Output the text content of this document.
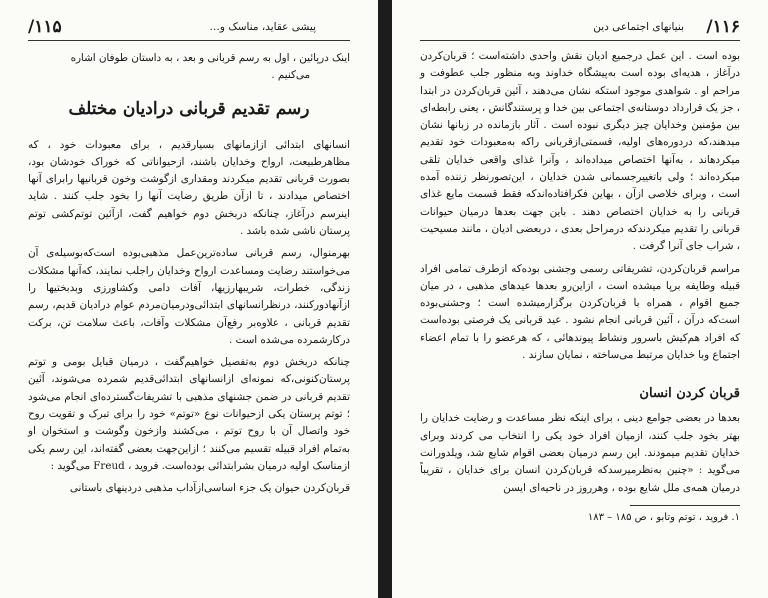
۱۱۵/	پیشی عقاید، مناسک و…

اینک درپائین ، اول به رسم قربانی و بعد ، به داستان طوفان اشاره

می‌کنیم .

رسم تقدیم قربانی درادیان مختلف

انسانهای ابتدائی ازازمانهای بسیارقدیم ، برای معبودات خود ، که مظاهرطبیعت، ارواح وخدایان باشند، ازحیواناتی که خوراک خودشان بود، بصورت قربانی تقدیم میکردند ومقداری ازگوشت وخون قربانیها رابرای آنها اختصاص میدادند ، تا ازآن طریق رضایت آنها را بخود جلب کنند . شاید اینرسم درآغاز، چنانکه دربخش دوم خواهیم گفت، ازآئین توتم‌کشی توتم پرستان ناشی شده باشد .

بهرمنوال، رسم قربانی ساده‌ترین‌عمل مذهبی‌بوده است‌که‌بوسیله‌ی آن می‌خواستند رضایت ومساعدت ارواح وخدایان راجلب نمایند، که‌آنها مشکلات زندگی، خطرات، شریبهارزیها، آفات دامی وکشاورزی وبدبختیها را ازآنهادورکنند، درنظرانسانهای ابتدائی‌ودرمیان‌مردم عوام درادیان قدیم، رسم تقدیم قربانی ، علاوه‌بر رفع‌آن مشکلات وآفات، باعث سلامت تن، برکت درکارشمرده می‌شده است .

چنانکه دربخش دوم به‌تفصیل خواهیم‌گفت ، درمیان قبایل بومی و توتم پرستان‌کنونی،که نمونه‌ای ازانسانهای ابتدائی‌قدیم شمرده می‌شوند، آئین تقدیم قربانی در ضمن جشنهای مذهبی با تشریفات‌گسترده‌ای انجام می‌شود ؛ توتم پرستان یکی ازحیوانات نوع «توتم» خود را برای تبرک و تقویت روح خود واتصال آن با روح توتم ، می‌کشند وازخون وگوشت و استخوان او به‌تمام افراد قبیله تقسیم می‌کنند ؛ ازاین‌جهت بعضی گفته‌اند، این رسم یکی ازمناسک اولیه درمیان بشرابتدائی بوده‌است. فروید ، Freud می‌گوید :

قربان‌کردن حیوان یک جزء اساسی‌ازآداب مذهبی دردینهای باستانی

۱۱۶/
بنیانهای اجتماعی دین

بوده است . این عمل درجمیع ادیان نقش واحدی داشته‌است ؛ قربان‌کردن درآغاز ، هدیه‌ای بوده است به‌پیشگاه خداوند وبه منظور جلب عطوفت و مراحم او . شواهدی موجود استکه نشان می‌دهند ، آئین قربان‌کردن در ابتدا ، جز یک قرارداد دوستانه‌ی اجتماعی بین خدا و پرستندگانش ، یعنی رابطه‌ای بین مؤمنین وخدایان چیز دیگری نبوده است . آثار بازمانده در زبانها نشان میدهند،که دردوره‌های اولیه، قسمتی‌ازقربانی راکه به‌معبودات خود تقدیم میکردهاند ، به‌آنها اختصاص میداده‌اند ، وآنرا غذای واقعی خدایان تلقی میکرده‌اند ؛ ولی باتغییرجسمانی شدن خدایان ، این‌تصورنظر زننده آمده است ، وبرای خلاصی ازآن ، بهاین فکرافتاده‌اندکه فقط قسمت مایع غذای قربانی را به خدایان اختصاص دهند . باین جهت بعدها درمیان حیوانات قربانی را تقدیم میکردندکه درمراحل بعدی ، دربعضی ادیان ، مانند مسیحیت ، شراب جای آنرا گرفت .

مراسم قربان‌کردن، تشریفاتی رسمی وجشنی بوده‌که ازطرف تمامی افراد قبیله وطایفه برپا میشده است ، ازاین‌رو بعدها عیدهای مذهبی ، در میان جمیع اقوام ، همراه با قربان‌کردن برگزارمیشده است ؛ وجشنی‌بوده است‌که درآن ، آئین قربانی انجام نشود . عید قربانی یک فرصتی بوده‌است که افراد هم‌کیش باسرور ونشاط پیوندهائی ، که هرعضو را با تمام اعضاء اجتماع وبا خدایان مرتبط می‌ساخته ، نمایان سازند .

قربان کردن انسان

بعدها در بعضی جوامع دینی ، برای اینکه نظر مساعدت و رضایت خدایان را بهتر بخود جلب کنند، ازمیان افراد خود یکی را انتخاب می کردند وبرای خدایان تقدیم میمودند. این رسم درمیان بعضی اقوام شایع شد، ویلدورانت می‌گوید : «چنین به‌نظرمیرسدکه قربان‌کردن انسان برای خدایان ، تقریباً درمیان همه‌ی ملل شایع بوده ، وهرروز در ناحیه‌ای ایسن

۱. فروید ، توتم وتابو ، ص ۱۸۵ – ۱۸۳
